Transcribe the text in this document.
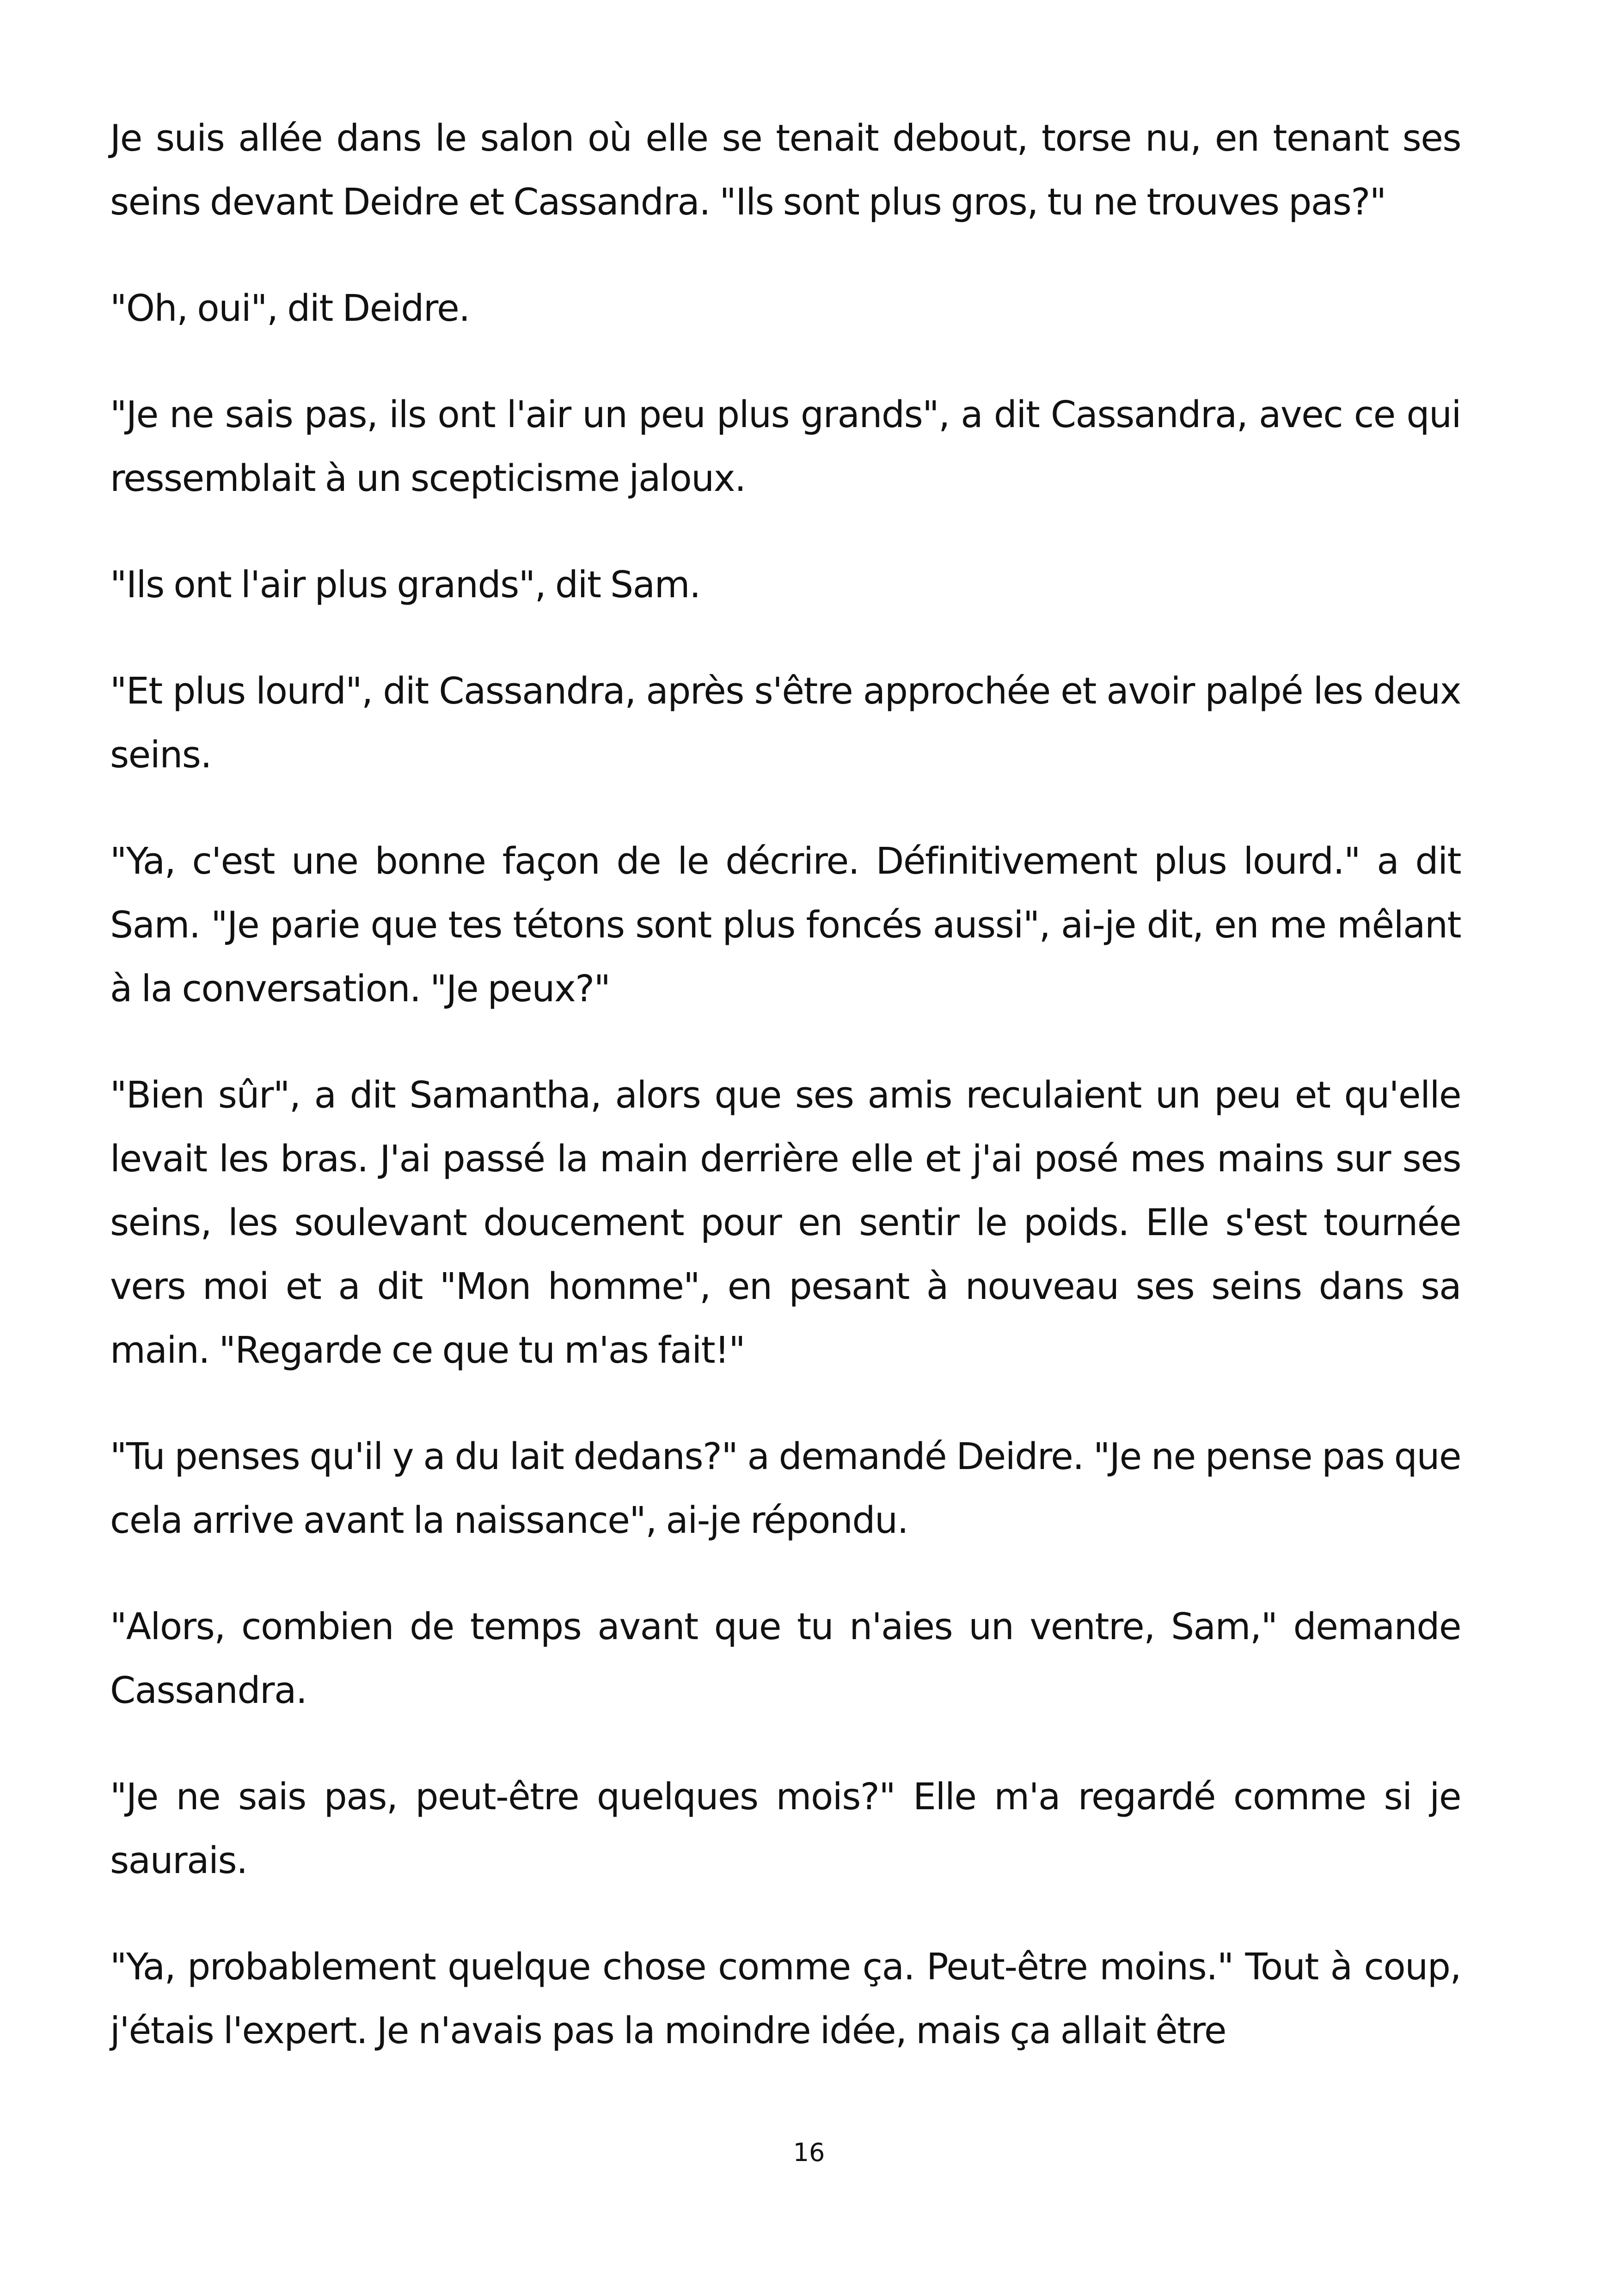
Je suis allée dans le salon où elle se tenait debout, torse nu, en tenant ses seins devant Deidre et Cassandra. "Ils sont plus gros, tu ne trouves pas?"

"Oh, oui", dit Deidre.

"Je ne sais pas, ils ont l'air un peu plus grands", a dit Cassandra, avec ce qui ressemblait à un scepticisme jaloux.

"Ils ont l'air plus grands", dit Sam.

"Et plus lourd", dit Cassandra, après s'être approchée et avoir palpé les deux seins.

"Ya, c'est une bonne façon de le décrire. Définitivement plus lourd." a dit Sam. "Je parie que tes tétons sont plus foncés aussi", ai-je dit, en me mêlant à la conversation. "Je peux?"

"Bien sûr", a dit Samantha, alors que ses amis reculaient un peu et qu'elle levait les bras. J'ai passé la main derrière elle et j'ai posé mes mains sur ses seins, les soulevant doucement pour en sentir le poids. Elle s'est tournée vers moi et a dit "Mon homme", en pesant à nouveau ses seins dans sa main. "Regarde ce que tu m'as fait!"

"Tu penses qu'il y a du lait dedans?" a demandé Deidre. "Je ne pense pas que cela arrive avant la naissance", ai-je répondu.

"Alors, combien de temps avant que tu n'aies un ventre, Sam," demande Cassandra.

"Je ne sais pas, peut-être quelques mois?" Elle m'a regardé comme si je saurais.

"Ya, probablement quelque chose comme ça. Peut-être moins." Tout à coup, j'étais l'expert. Je n'avais pas la moindre idée, mais ça allait être

16
